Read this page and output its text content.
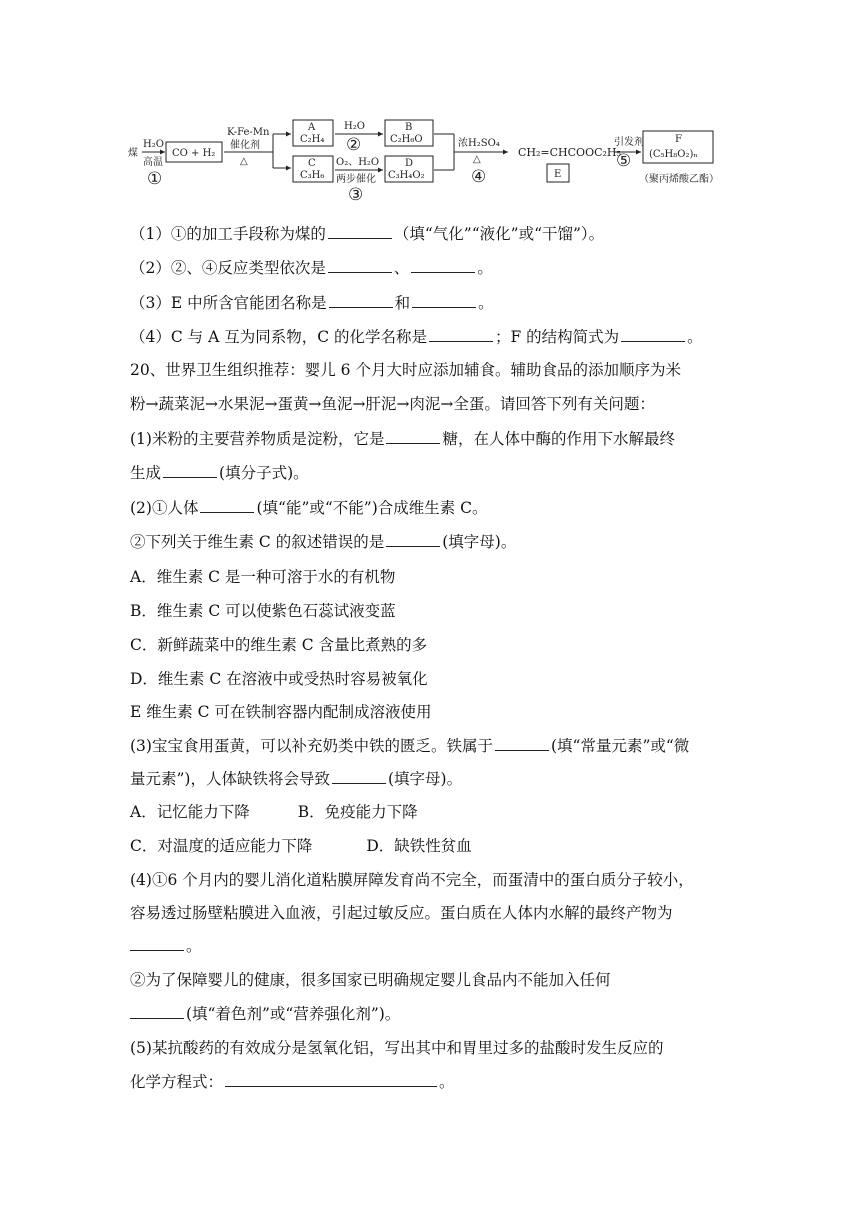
煤
H₂O
高温
①
CO + H₂
K-Fe-Mn
催化剂
△
A
C₂H₄
C
C₃H₆
H₂O
②
O₂、H₂O
两步催化
③
B
C₂H₆O
D
C₃H₄O₂
浓H₂SO₄
△
④
CH₂=CHCOOC₂H₅
E
引发剂
⑤
F
(C₅H₈O₂)ₙ
（聚丙烯酸乙酯）
（1）①的加工手段称为煤的	（填“气化”“液化”或“干馏”）。
（2）②、④反应类型依次是	、	。
（3）E 中所含官能团名称是	和	。
（4）C 与 A 互为同系物，C 的化学名称是	；F 的结构简式为	。
20、世界卫生组织推荐：婴儿 6 个月大时应添加辅食。辅助食品的添加顺序为米
粉→蔬菜泥→水果泥→蛋黄→鱼泥→肝泥→肉泥→全蛋。请回答下列有关问题：
(1)米粉的主要营养物质是淀粉，它是	糖，在人体中酶的作用下水解最终
生成	(填分子式)。
(2)①人体	(填“能”或“不能”)合成维生素 C。
②下列关于维生素 C 的叙述错误的是	(填字母)。
A．维生素 C 是一种可溶于水的有机物
B．维生素 C 可以使紫色石蕊试液变蓝
C．新鲜蔬菜中的维生素 C 含量比煮熟的多
D．维生素 C 在溶液中或受热时容易被氧化
E 维生素 C 可在铁制容器内配制成溶液使用
(3)宝宝食用蛋黄，可以补充奶类中铁的匮乏。铁属于	(填“常量元素”或“微
量元素”)，人体缺铁将会导致	(填字母)。
A．记忆能力下降	B．免疫能力下降
C．对温度的适应能力下降	D．缺铁性贫血
(4)①6 个月内的婴儿消化道粘膜屏障发育尚不完全，而蛋清中的蛋白质分子较小，
容易透过肠壁粘膜进入血液，引起过敏反应。蛋白质在人体内水解的最终产物为
。
②为了保障婴儿的健康，很多国家已明确规定婴儿食品内不能加入任何
(填“着色剂”或“营养强化剂”)。
(5)某抗酸药的有效成分是氢氧化铝，写出其中和胃里过多的盐酸时发生反应的
化学方程式：	。
